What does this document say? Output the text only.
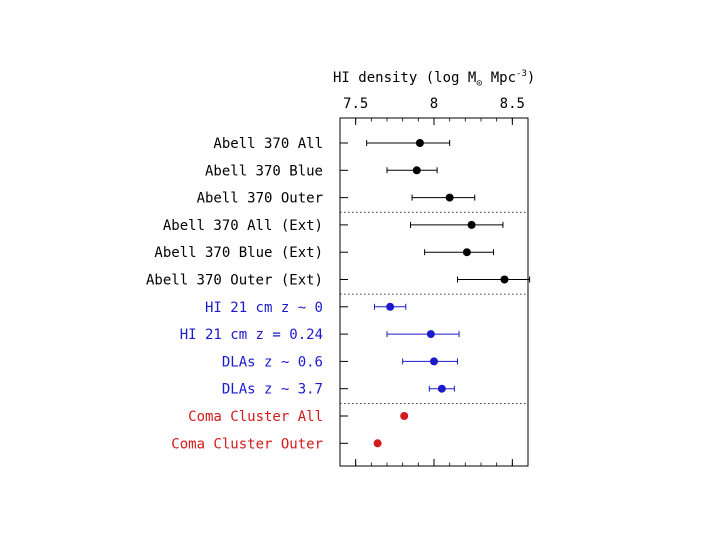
HI density (log M⊙ Mpc-3)
7.5	8	8.5
Abell 370 All
Abell 370 Blue
Abell 370 Outer
Abell 370 All (Ext)
Abell 370 Blue (Ext)
Abell 370 Outer (Ext)
HI 21 cm z ~ 0
HI 21 cm z = 0.24
DLAs z ~ 0.6
DLAs z ~ 3.7
Coma Cluster All
Coma Cluster Outer
